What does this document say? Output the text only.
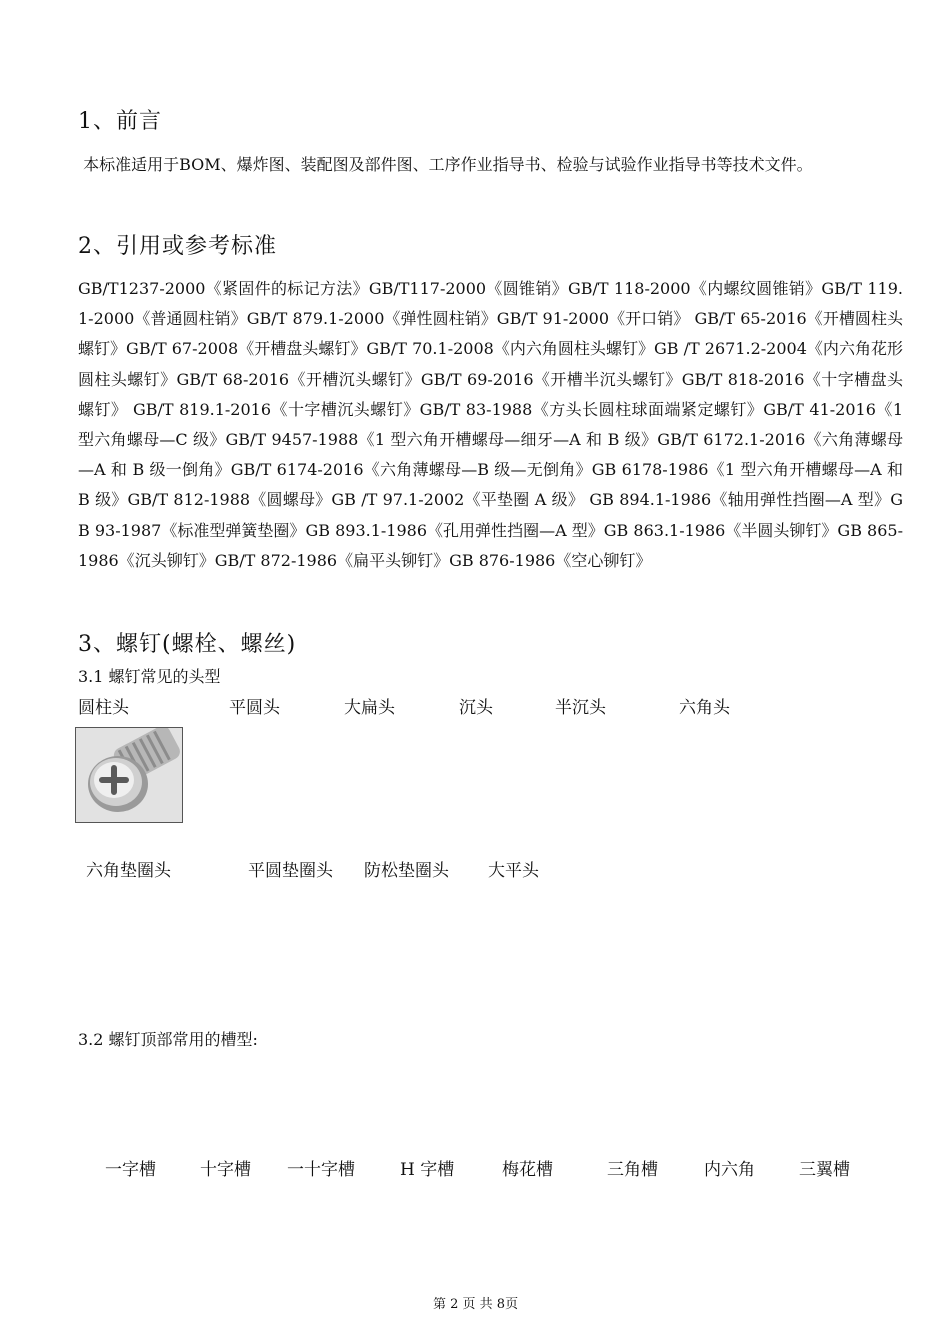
1、前言
本标准适用于BOM、爆炸图、装配图及部件图、工序作业指导书、检验与试验作业指导书等技术文件。
2、引用或参考标准
GB/T1237-2000《紧固件的标记方法》GB/T117-2000《圆锥销》GB/T 118-2000《内螺纹圆锥销》GB/T 119.1-2000《普通圆柱销》GB/T 879.1-2000《弹性圆柱销》GB/T 91-2000《开口销》 GB/T 65-2016《开槽圆柱头螺钉》GB/T 67-2008《开槽盘头螺钉》GB/T 70.1-2008《内六角圆柱头螺钉》GB /T 2671.2-2004《内六角花形圆柱头螺钉》GB/T 68-2016《开槽沉头螺钉》GB/T 69-2016《开槽半沉头螺钉》GB/T 818-2016《十字槽盘头螺钉》 GB/T 819.1-2016《十字槽沉头螺钉》GB/T 83-1988《方头长圆柱球面端紧定螺钉》GB/T 41-2016《1 型六角螺母—C 级》GB/T 9457-1988《1 型六角开槽螺母—细牙—A 和 B 级》GB/T 6172.1-2016《六角薄螺母—A 和 B 级一倒角》GB/T 6174-2016《六角薄螺母—B 级—无倒角》GB 6178-1986《1 型六角开槽螺母—A 和 B 级》GB/T 812-1988《圆螺母》GB /T 97.1-2002《平垫圈 A 级》 GB 894.1-1986《轴用弹性挡圈—A 型》GB 93-1987《标准型弹簧垫圈》GB 893.1-1986《孔用弹性挡圈—A 型》GB 863.1-1986《半圆头铆钉》GB 865-1986《沉头铆钉》GB/T 872-1986《扁平头铆钉》GB 876-1986《空心铆钉》
3、螺钉(螺栓、螺丝)
3.1 螺钉常见的头型
圆柱头	平圆头	大扁头	沉头	半沉头	六角头
六角垫圈头	平圆垫圈头 防松垫圈头 大平头
3.2 螺钉顶部常用的槽型:
一字槽	十字槽 一十字槽	H 字槽	梅花槽	三角槽	内六角	三翼槽
第 2 页 共 8页
